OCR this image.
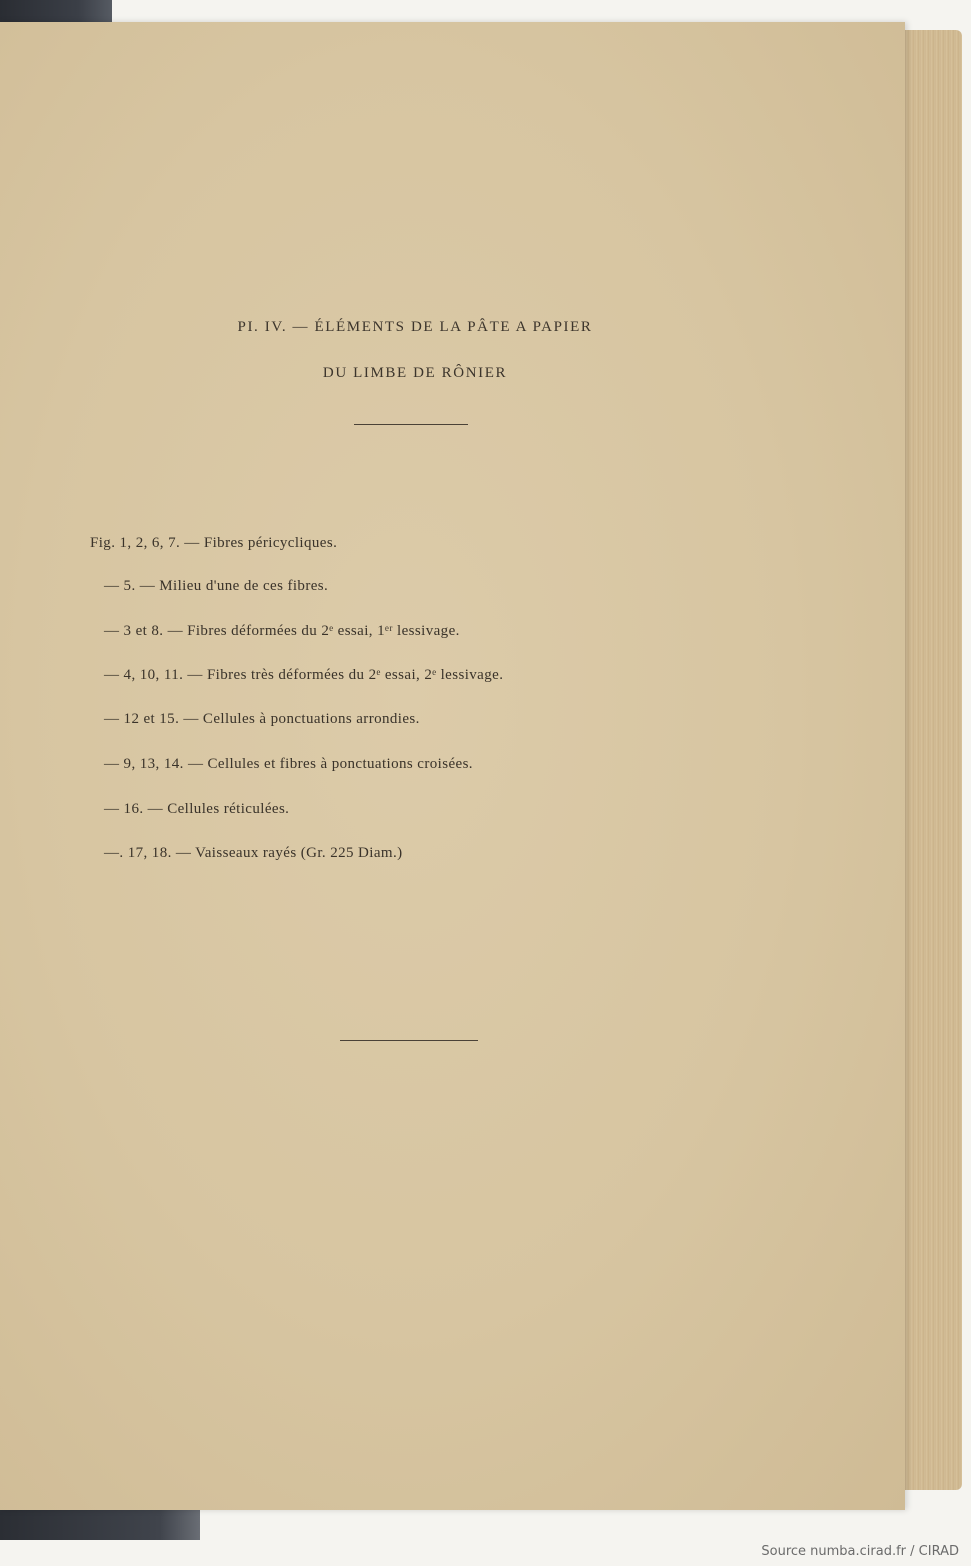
PI. IV. — ÉLÉMENTS DE LA PÂTE A PAPIER
DU LIMBE DE RÔNIER
Fig. 1, 2, 6, 7. — Fibres péricycliques.
— 5. — Milieu d'une de ces fibres.
— 3 et 8. — Fibres déformées du 2ᵉ essai, 1ᵉʳ lessivage.
— 4, 10, 11. — Fibres très déformées du 2ᵉ essai, 2ᵉ lessivage.
— 12 et 15. — Cellules à ponctuations arrondies.
— 9, 13, 14. — Cellules et fibres à ponctuations croisées.
— 16. — Cellules réticulées.
—. 17, 18. — Vaisseaux rayés (Gr. 225 Diam.)
Source numba.cirad.fr / CIRAD
